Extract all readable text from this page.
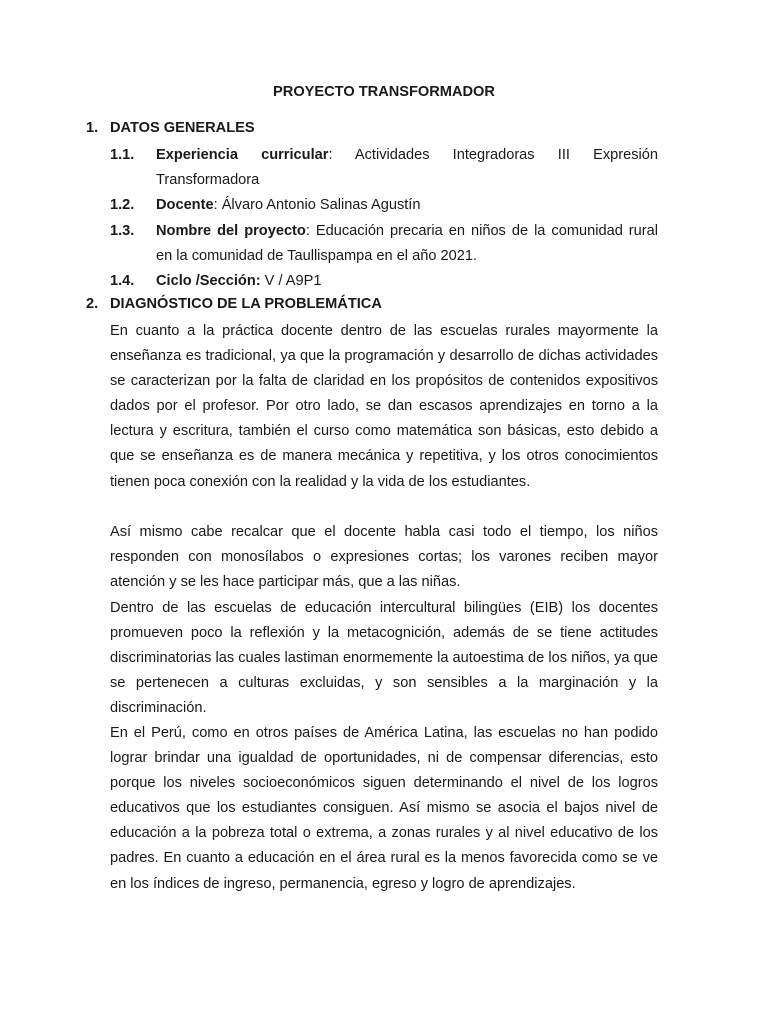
PROYECTO TRANSFORMADOR
1. DATOS GENERALES
1.1.	Experiencia curricular: Actividades Integradoras III Expresión Transformadora
1.2.	Docente: Álvaro Antonio Salinas Agustín
1.3.	Nombre del proyecto: Educación precaria en niños de la comunidad rural en la comunidad de Taullispampa en el año 2021.
1.4.	Ciclo /Sección: V / A9P1
2. DIAGNÓSTICO DE LA PROBLEMÁTICA
En cuanto a la práctica docente dentro de las escuelas rurales mayormente la enseñanza es tradicional, ya que la programación y desarrollo de dichas actividades se caracterizan por la falta de claridad en los propósitos de contenidos expositivos dados por el profesor. Por otro lado, se dan escasos aprendizajes en torno a la lectura y escritura, también el curso como matemática son básicas, esto debido a que se enseñanza es de manera mecánica y repetitiva, y los otros conocimientos tienen poca conexión con la realidad y la vida de los estudiantes.
Así mismo cabe recalcar que el docente habla casi todo el tiempo, los niños responden con monosílabos o expresiones cortas; los varones reciben mayor atención y se les hace participar más, que a las niñas.
Dentro de las escuelas de educación intercultural bilingües (EIB) los docentes promueven poco la reflexión y la metacognición, además de se tiene actitudes discriminatorias las cuales lastiman enormemente la autoestima de los niños, ya que se pertenecen a culturas excluidas, y son sensibles a la marginación y la discriminación.
En el Perú, como en otros países de América Latina, las escuelas no han podido lograr brindar una igualdad de oportunidades, ni de compensar diferencias, esto porque los niveles socioeconómicos siguen determinando el nivel de los logros educativos que los estudiantes consiguen. Así mismo se asocia el bajos nivel de educación a la pobreza total o extrema, a zonas rurales y al nivel educativo de los padres. En cuanto a educación en el área rural es la menos favorecida como se ve en los índices de ingreso, permanencia, egreso y logro de aprendizajes.
